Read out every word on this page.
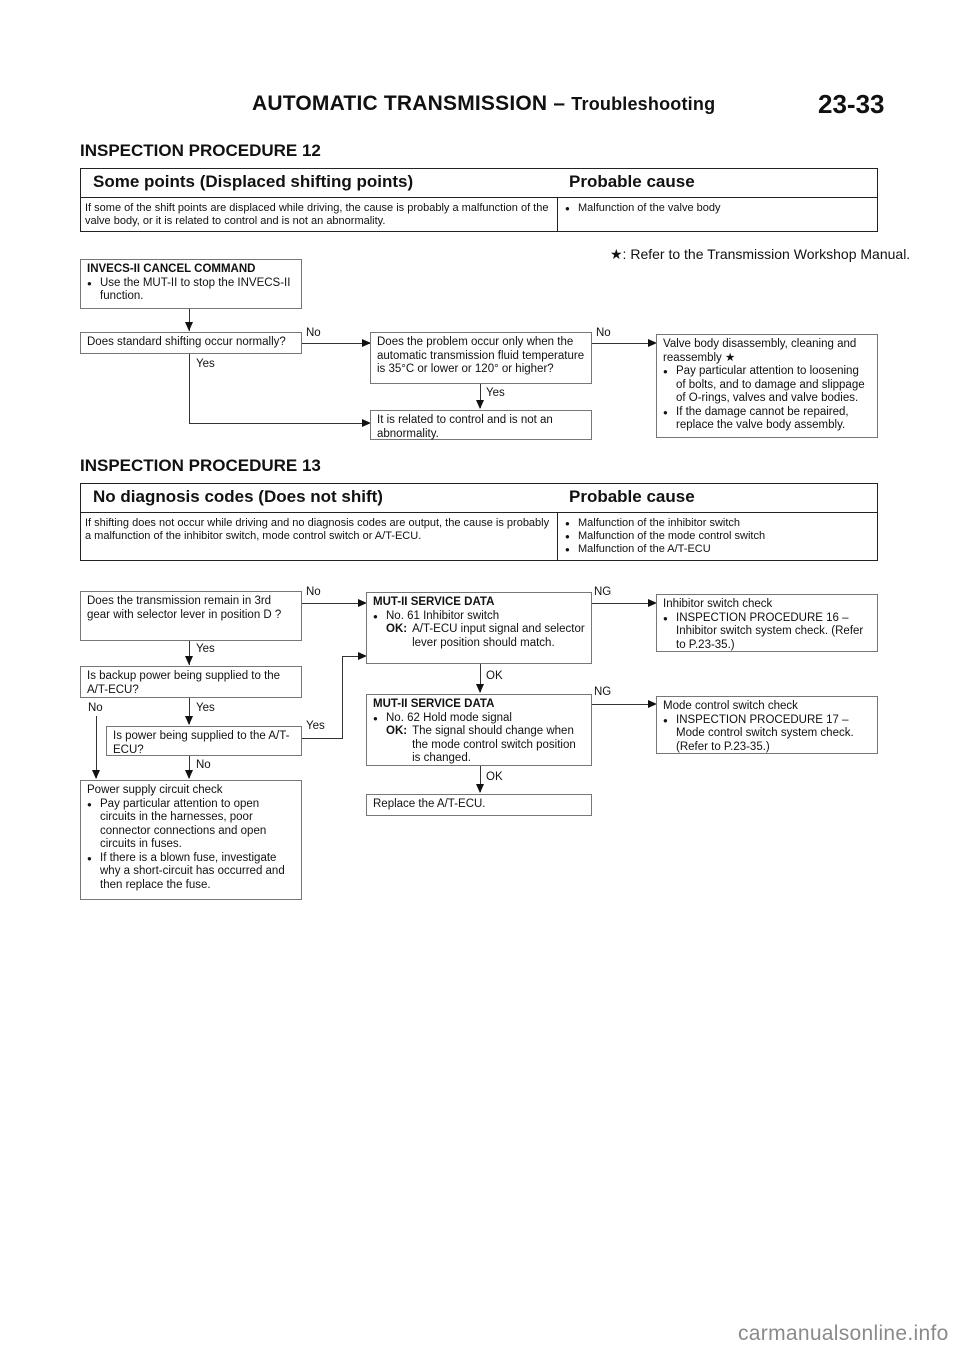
AUTOMATIC TRANSMISSION – Troubleshooting	23-33
INSPECTION PROCEDURE 12
Some points (Displaced shifting points)	Probable cause
If some of the shift points are displaced while driving, the cause is probably a malfunction of the valve body, or it is related to control and is not an abnormality.
● Malfunction of the valve body
★: Refer to the Transmission Workshop Manual.
INVECS-II CANCEL COMMAND
● Use the MUT-II to stop the INVECS-II function.
Does standard shifting occur normally?
No
Yes
Does the problem occur only when the automatic transmission fluid temperature is 35°C or lower or 120° or higher?
No
Yes
It is related to control and is not an abnormality.
Valve body disassembly, cleaning and reassembly ★
● Pay particular attention to loosening of bolts, and to damage and slippage of O-rings, valves and valve bodies.
● If the damage cannot be repaired, replace the valve body assembly.
INSPECTION PROCEDURE 13
No diagnosis codes (Does not shift)	Probable cause
If shifting does not occur while driving and no diagnosis codes are output, the cause is probably a malfunction of the inhibitor switch, mode control switch or A/T-ECU.
● Malfunction of the inhibitor switch
● Malfunction of the mode control switch
● Malfunction of the A/T-ECU
Does the transmission remain in 3rd gear with selector lever in position D ?
No
Yes
Is backup power being supplied to the A/T-ECU?
No	Yes
Is power being supplied to the A/T-ECU?
Yes
No
Power supply circuit check
● Pay particular attention to open circuits in the harnesses, poor connector connections and open circuits in fuses.
● If there is a blown fuse, investigate why a short-circuit has occurred and then replace the fuse.
MUT-II SERVICE DATA
● No. 61 Inhibitor switch
OK: A/T-ECU input signal and selector lever position should match.
NG
OK
MUT-II SERVICE DATA
● No. 62 Hold mode signal
OK: The signal should change when the mode control switch position is changed.
NG
OK
Replace the A/T-ECU.
Inhibitor switch check
● INSPECTION PROCEDURE 16 – Inhibitor switch system check. (Refer to P.23-35.)
Mode control switch check
● INSPECTION PROCEDURE 17 – Mode control switch system check. (Refer to P.23-35.)
carmanualsonline.info
